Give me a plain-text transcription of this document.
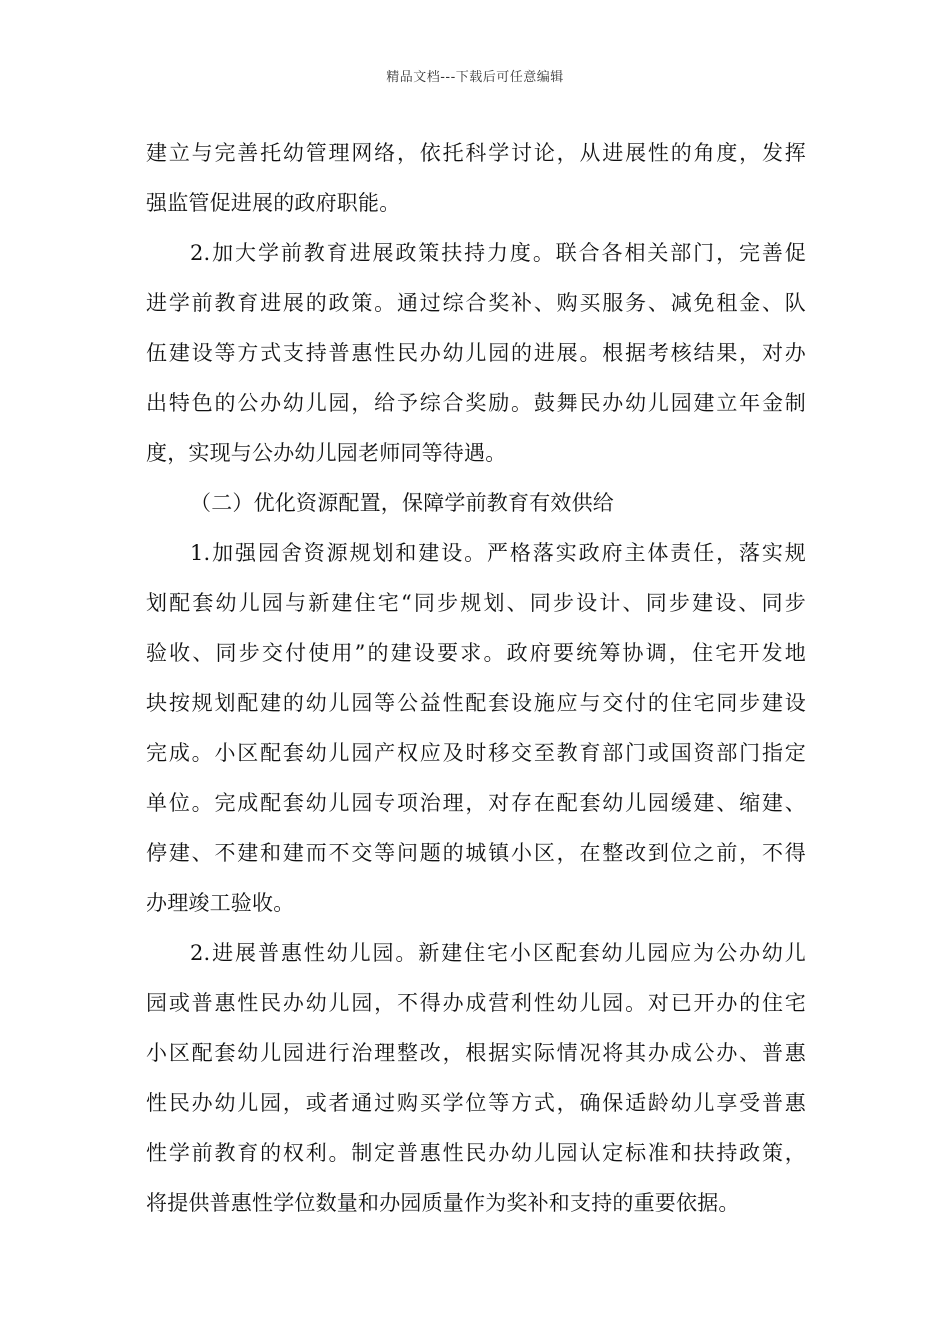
精品文档---下载后可任意编辑
建立与完善托幼管理网络，依托科学讨论，从进展性的角度，发挥
强监管促进展的政府职能。
2.加大学前教育进展政策扶持力度。联合各相关部门，完善促
进学前教育进展的政策。通过综合奖补、购买服务、减免租金、队
伍建设等方式支持普惠性民办幼儿园的进展。根据考核结果，对办
出特色的公办幼儿园，给予综合奖励。鼓舞民办幼儿园建立年金制
度，实现与公办幼儿园老师同等待遇。
（二）优化资源配置，保障学前教育有效供给
1.加强园舍资源规划和建设。严格落实政府主体责任，落实规
划配套幼儿园与新建住宅“同步规划、同步设计、同步建设、同步
验收、同步交付使用”的建设要求。政府要统筹协调，住宅开发地
块按规划配建的幼儿园等公益性配套设施应与交付的住宅同步建设
完成。小区配套幼儿园产权应及时移交至教育部门或国资部门指定
单位。完成配套幼儿园专项治理，对存在配套幼儿园缓建、缩建、
停建、不建和建而不交等问题的城镇小区，在整改到位之前，不得
办理竣工验收。
2.进展普惠性幼儿园。新建住宅小区配套幼儿园应为公办幼儿
园或普惠性民办幼儿园，不得办成营利性幼儿园。对已开办的住宅
小区配套幼儿园进行治理整改，根据实际情况将其办成公办、普惠
性民办幼儿园，或者通过购买学位等方式，确保适龄幼儿享受普惠
性学前教育的权利。制定普惠性民办幼儿园认定标准和扶持政策，
将提供普惠性学位数量和办园质量作为奖补和支持的重要依据。
